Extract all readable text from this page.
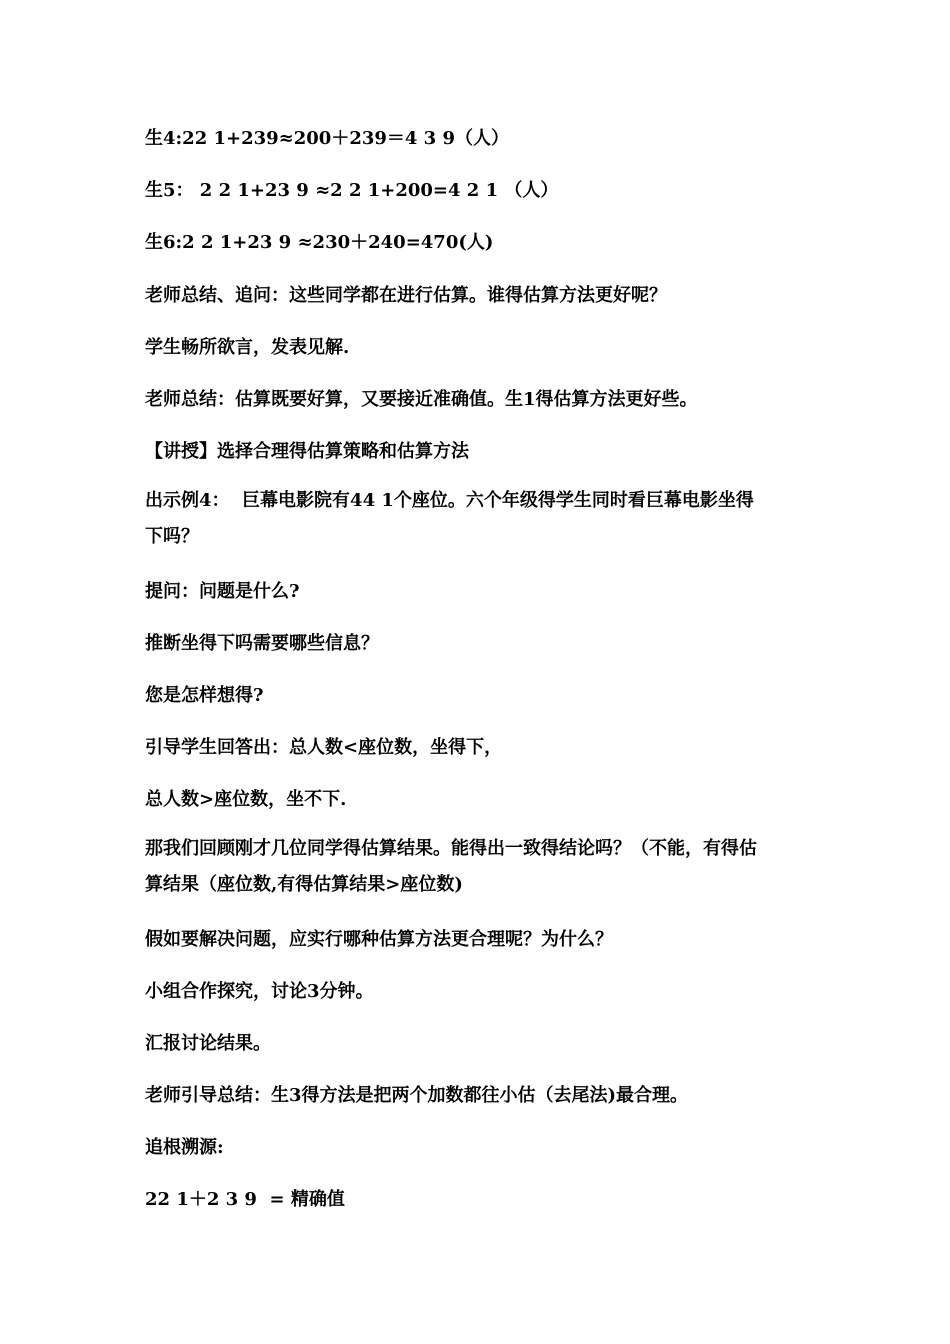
生4:22 1+239≈200＋239＝4 3 9（人）
生5： 2 2 1+23 9 ≈2 2 1+200=4 2 1 （人）
生6:2 2 1+23 9 ≈230＋240=470(人)
老师总结、追问：这些同学都在进行估算。谁得估算方法更好呢？
学生畅所欲言，发表见解.
老师总结：估算既要好算，又要接近准确值。生1得估算方法更好些。
【讲授】选择合理得估算策略和估算方法
出示例4：  巨幕电影院有44 1个座位。六个年级得学生同时看巨幕电影坐得
下吗？
提问：问题是什么?
推断坐得下吗需要哪些信息？
您是怎样想得?
引导学生回答出：总人数<座位数，坐得下，
总人数>座位数，坐不下.
那我们回顾刚才几位同学得估算结果。能得出一致得结论吗？（不能，有得估
算结果（座位数,有得估算结果>座位数)
假如要解决问题，应实行哪种估算方法更合理呢？为什么？
小组合作探究，讨论3分钟。
汇报讨论结果。
老师引导总结：生3得方法是把两个加数都往小估（去尾法)最合理。
追根溯源:
22 1＋2 3 9  = 精确值
